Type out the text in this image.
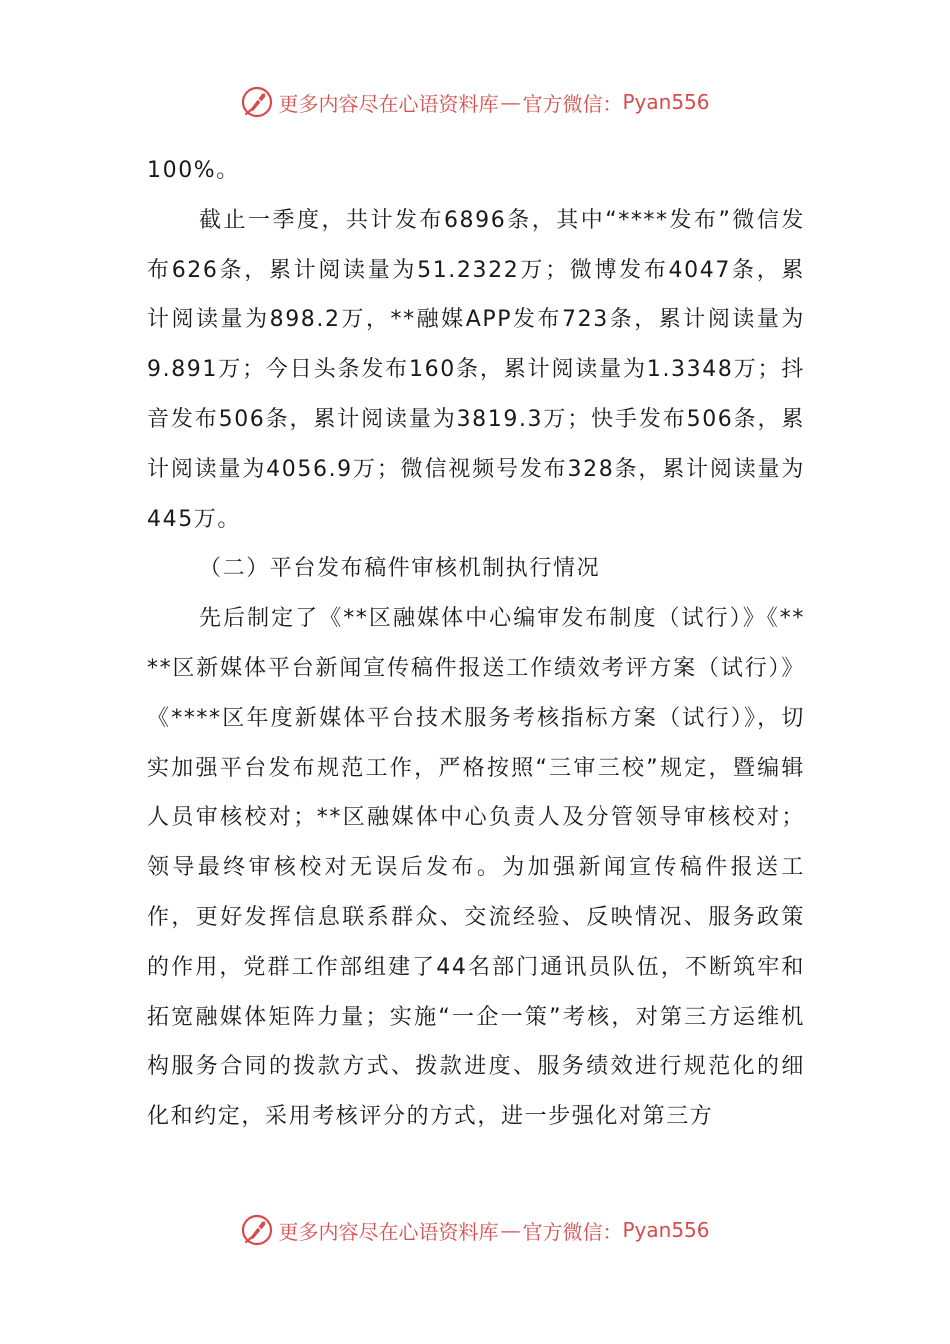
更多内容尽在心语资料库 — 官方微信： Pyan556

100%。

截止一季度，共计发布6896条，其中“****发布”微信发布626条，累计阅读量为51.2322万；微博发布4047条，累计阅读量为898.2万，**融媒APP发布723条，累计阅读量为9.891万；今日头条发布160条，累计阅读量为1.3348万；抖音发布506条，累计阅读量为3819.3万；快手发布506条，累计阅读量为4056.9万；微信视频号发布328条，累计阅读量为445万。

（二）平台发布稿件审核机制执行情况

先后制定了《**区融媒体中心编审发布制度（试行）》《****区新媒体平台新闻宣传稿件报送工作绩效考评方案（试行）》《****区年度新媒体平台技术服务考核指标方案（试行）》，切实加强平台发布规范工作，严格按照“三审三校”规定，暨编辑人员审核校对；**区融媒体中心负责人及分管领导审核校对；领导最终审核校对无误后发布。为加强新闻宣传稿件报送工作，更好发挥信息联系群众、交流经验、反映情况、服务政策的作用，党群工作部组建了44名部门通讯员队伍，不断筑牢和拓宽融媒体矩阵力量；实施“一企一策”考核，对第三方运维机构服务合同的拨款方式、拨款进度、服务绩效进行规范化的细化和约定，采用考核评分的方式，进一步强化对第三方

更多内容尽在心语资料库 — 官方微信： Pyan556
